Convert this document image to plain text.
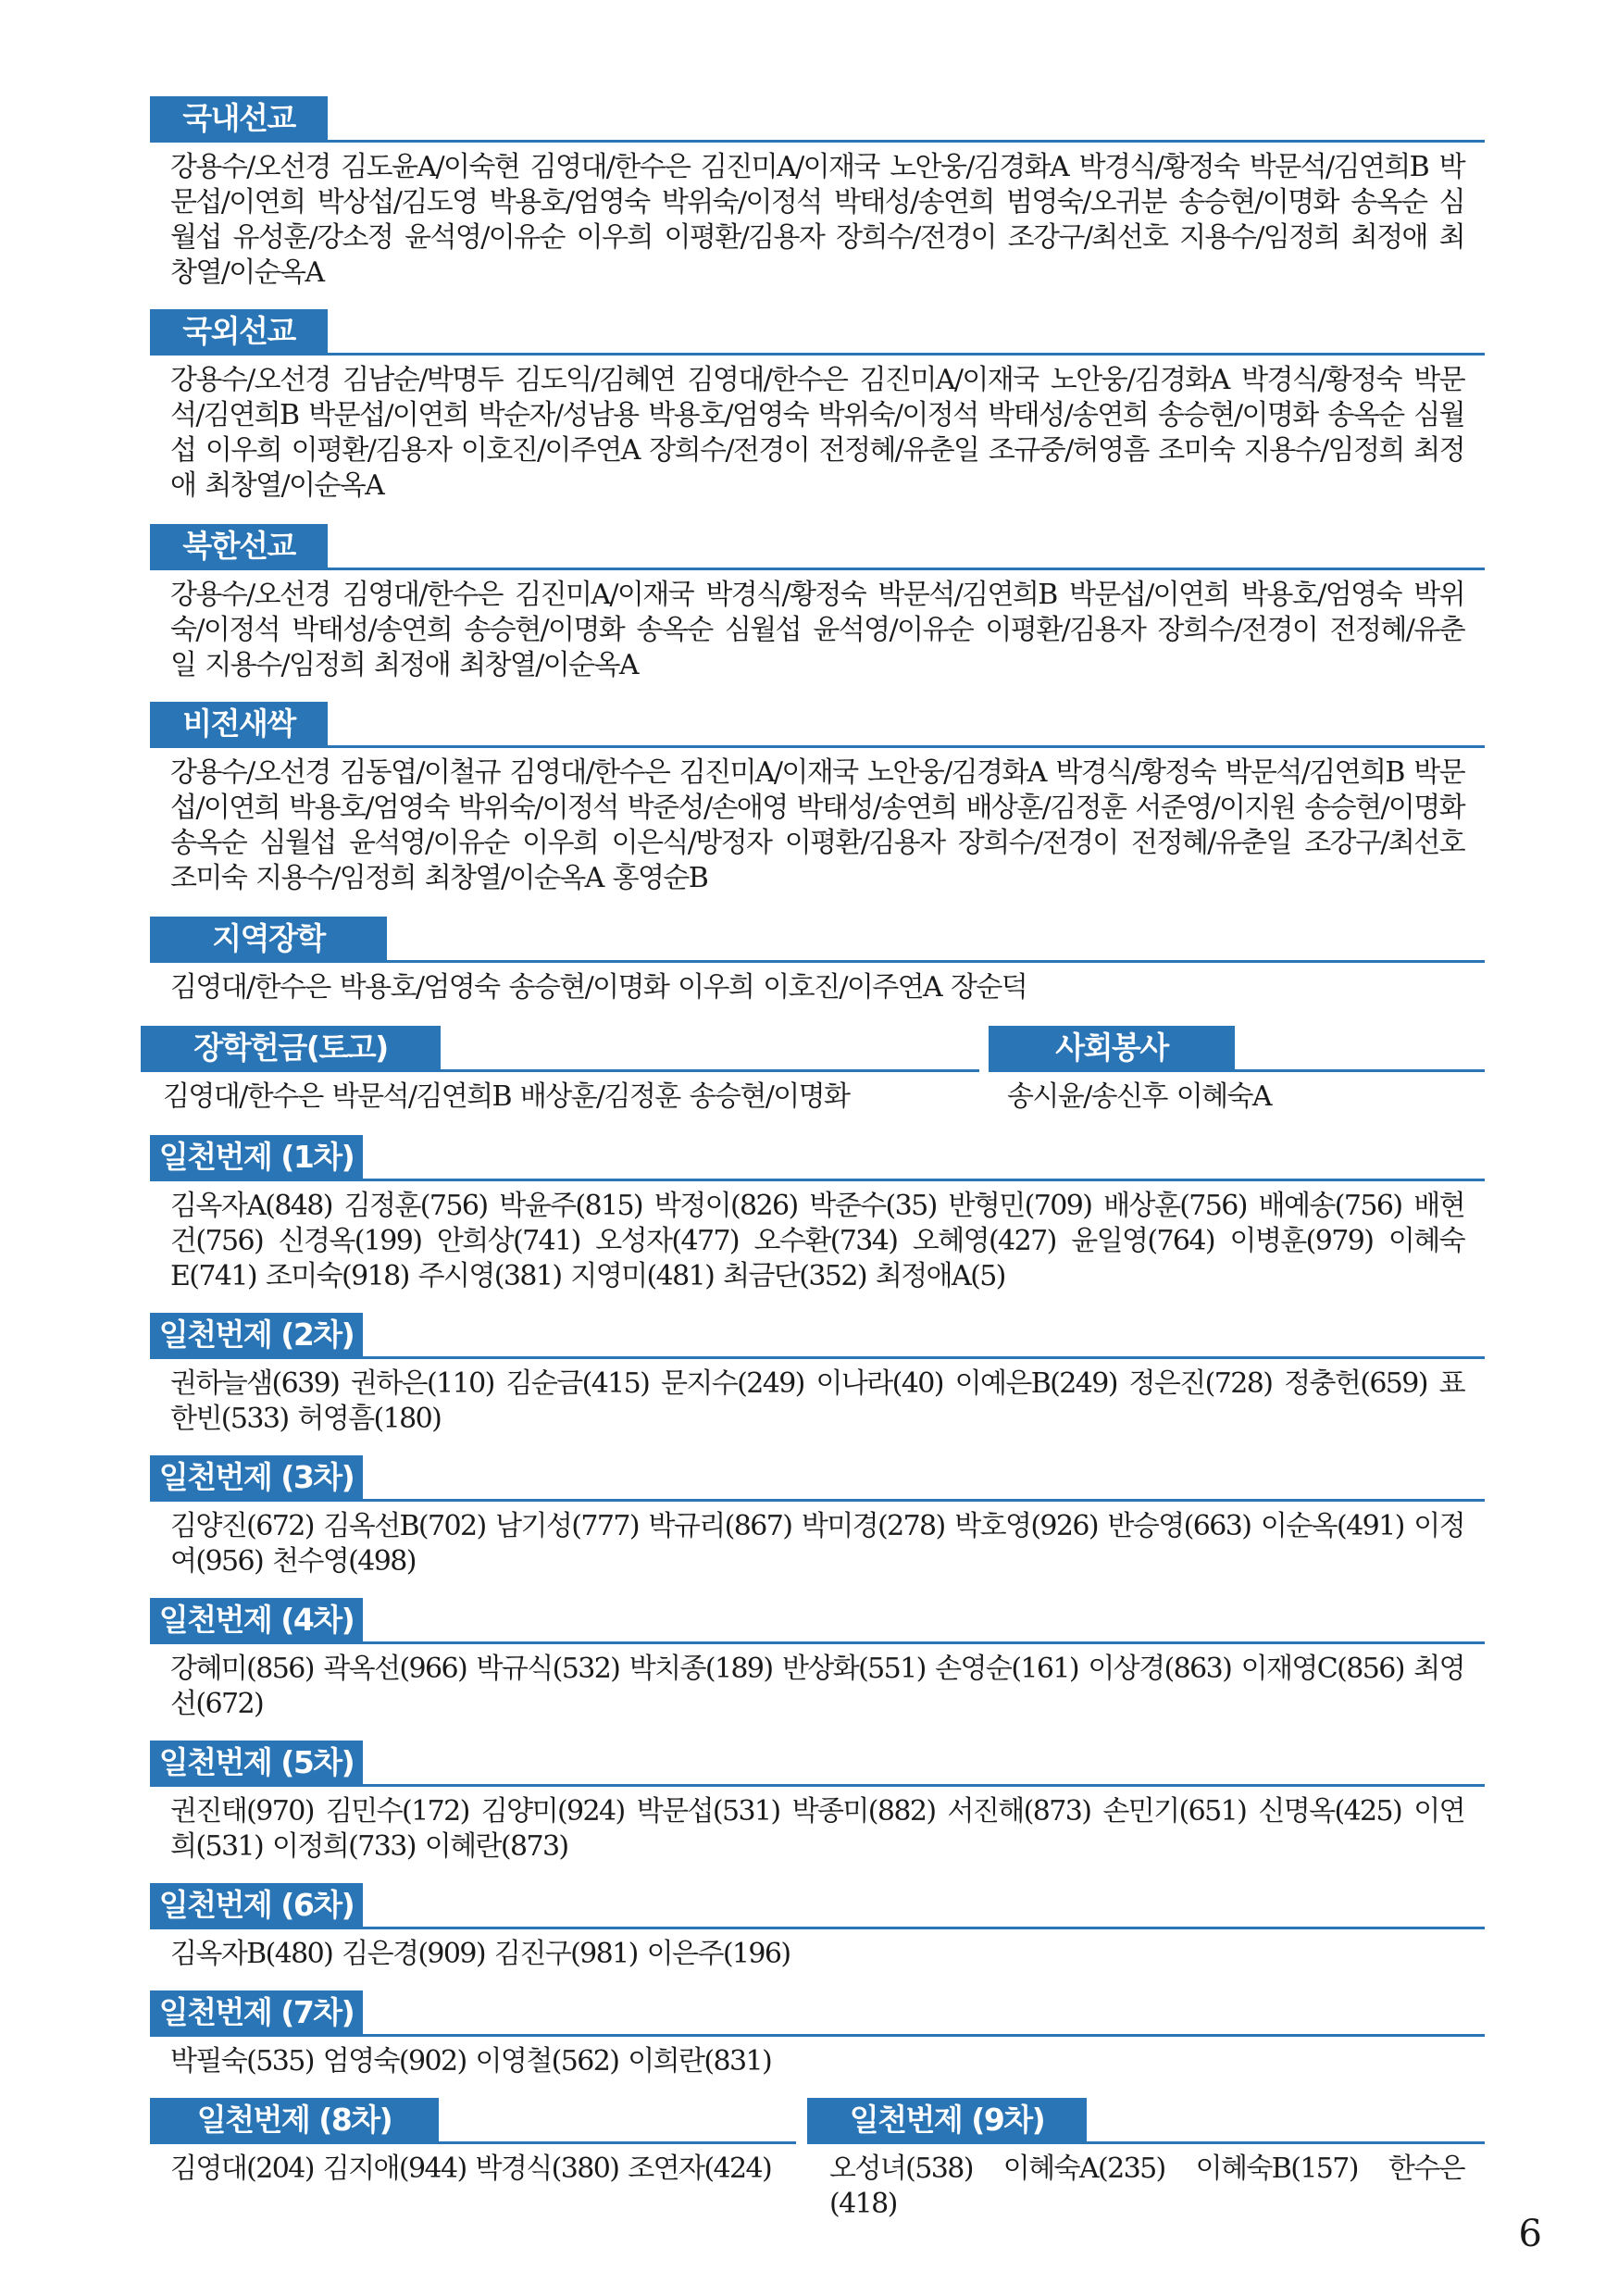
국내선교
강용수/오선경 김도윤A/이숙현 김영대/한수은 김진미A/이재국 노안웅/김경화A 박경식/황정숙 박문석/김연희B 박문섭/이연희 박상섭/김도영 박용호/엄영숙 박위숙/이정석 박태성/송연희 범영숙/오귀분 송승현/이명화 송옥순 심월섭 유성훈/강소정 윤석영/이유순 이우희 이평환/김용자 장희수/전경이 조강구/최선호 지용수/임정희 최정애 최창열/이순옥A
국외선교
강용수/오선경 김남순/박명두 김도익/김혜연 김영대/한수은 김진미A/이재국 노안웅/김경화A 박경식/황정숙 박문석/김연희B 박문섭/이연희 박순자/성남용 박용호/엄영숙 박위숙/이정석 박태성/송연희 송승현/이명화 송옥순 심월섭 이우희 이평환/김용자 이호진/이주연A 장희수/전경이 전정혜/유춘일 조규중/허영흠 조미숙 지용수/임정희 최정애 최창열/이순옥A
북한선교
강용수/오선경 김영대/한수은 김진미A/이재국 박경식/황정숙 박문석/김연희B 박문섭/이연희 박용호/엄영숙 박위숙/이정석 박태성/송연희 송승현/이명화 송옥순 심월섭 윤석영/이유순 이평환/김용자 장희수/전경이 전정혜/유춘일 지용수/임정희 최정애 최창열/이순옥A
비전새싹
강용수/오선경 김동엽/이철규 김영대/한수은 김진미A/이재국 노안웅/김경화A 박경식/황정숙 박문석/김연희B 박문섭/이연희 박용호/엄영숙 박위숙/이정석 박준성/손애영 박태성/송연희 배상훈/김정훈 서준영/이지원 송승현/이명화 송옥순 심월섭 윤석영/이유순 이우희 이은식/방정자 이평환/김용자 장희수/전경이 전정혜/유춘일 조강구/최선호 조미숙 지용수/임정희 최창열/이순옥A 홍영순B
지역장학
김영대/한수은 박용호/엄영숙 송승현/이명화 이우희 이호진/이주연A 장순덕
장학헌금(토고)
김영대/한수은 박문석/김연희B 배상훈/김정훈 송승현/이명화
사회봉사
송시윤/송신후 이혜숙A
일천번제 (1차)
김옥자A(848) 김정훈(756) 박윤주(815) 박정이(826) 박준수(35) 반형민(709) 배상훈(756) 배예송(756) 배현건(756) 신경옥(199) 안희상(741) 오성자(477) 오수환(734) 오혜영(427) 윤일영(764) 이병훈(979) 이혜숙E(741) 조미숙(918) 주시영(381) 지영미(481) 최금단(352) 최정애A(5)
일천번제 (2차)
권하늘샘(639) 권하은(110) 김순금(415) 문지수(249) 이나라(40) 이예은B(249) 정은진(728) 정충헌(659) 표한빈(533) 허영흠(180)
일천번제 (3차)
김양진(672) 김옥선B(702) 남기성(777) 박규리(867) 박미경(278) 박호영(926) 반승영(663) 이순옥(491) 이정여(956) 천수영(498)
일천번제 (4차)
강혜미(856) 곽옥선(966) 박규식(532) 박치종(189) 반상화(551) 손영순(161) 이상경(863) 이재영C(856) 최영선(672)
일천번제 (5차)
권진태(970) 김민수(172) 김양미(924) 박문섭(531) 박종미(882) 서진해(873) 손민기(651) 신명옥(425) 이연희(531) 이정희(733) 이혜란(873)
일천번제 (6차)
김옥자B(480) 김은경(909) 김진구(981) 이은주(196)
일천번제 (7차)
박필숙(535) 엄영숙(902) 이영철(562) 이희란(831)
일천번제 (8차)
김영대(204) 김지애(944) 박경식(380) 조연자(424)
일천번제 (9차)
오성녀(538) 이혜숙A(235) 이혜숙B(157) 한수은(418)
6
